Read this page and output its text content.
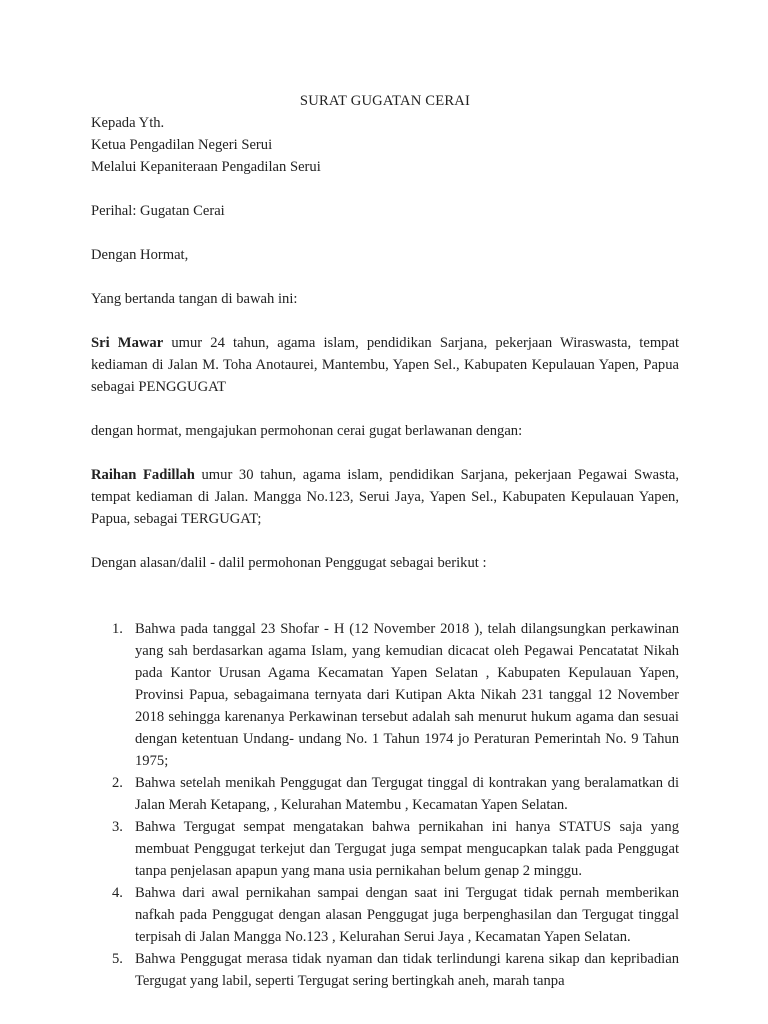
SURAT GUGATAN CERAI

Kepada Yth.

Ketua Pengadilan Negeri Serui

Melalui Kepaniteraan Pengadilan Serui

Perihal: Gugatan Cerai

Dengan Hormat,

Yang bertanda tangan di bawah ini:

Sri Mawar umur 24 tahun, agama islam, pendidikan Sarjana, pekerjaan Wiraswasta, tempat kediaman di Jalan M. Toha Anotaurei, Mantembu, Yapen Sel., Kabupaten Kepulauan Yapen, Papua sebagai PENGGUGAT

dengan hormat, mengajukan permohonan cerai gugat berlawanan dengan:

Raihan Fadillah umur 30 tahun, agama islam, pendidikan Sarjana, pekerjaan Pegawai Swasta, tempat kediaman di Jalan. Mangga No.123, Serui Jaya, Yapen Sel., Kabupaten Kepulauan Yapen, Papua, sebagai TERGUGAT;

Dengan alasan/dalil - dalil permohonan Penggugat sebagai berikut :

1. Bahwa pada tanggal 23 Shofar - H (12 November 2018 ), telah dilangsungkan perkawinan yang sah berdasarkan agama Islam, yang kemudian dicacat oleh Pegawai Pencatatat Nikah pada Kantor Urusan Agama Kecamatan Yapen Selatan , Kabupaten Kepulauan Yapen, Provinsi Papua, sebagaimana ternyata dari Kutipan Akta Nikah 231 tanggal 12 November 2018 sehingga karenanya Perkawinan tersebut adalah sah menurut hukum agama dan sesuai dengan ketentuan Undang- undang No. 1 Tahun 1974 jo Peraturan Pemerintah No. 9 Tahun 1975;
2. Bahwa setelah menikah Penggugat dan Tergugat tinggal di kontrakan yang beralamatkan di Jalan Merah Ketapang, , Kelurahan Matembu , Kecamatan Yapen Selatan.
3. Bahwa Tergugat sempat mengatakan bahwa pernikahan ini hanya STATUS saja yang membuat Penggugat terkejut dan Tergugat juga sempat mengucapkan talak pada Penggugat tanpa penjelasan apapun yang mana usia pernikahan belum genap 2 minggu.
4. Bahwa dari awal pernikahan sampai dengan saat ini Tergugat tidak pernah memberikan nafkah pada Penggugat dengan alasan Penggugat juga berpenghasilan dan Tergugat tinggal terpisah di Jalan Mangga No.123 , Kelurahan Serui Jaya , Kecamatan Yapen Selatan.
5. Bahwa Penggugat merasa tidak nyaman dan tidak terlindungi karena sikap dan kepribadian Tergugat yang labil, seperti Tergugat sering bertingkah aneh, marah tanpa
